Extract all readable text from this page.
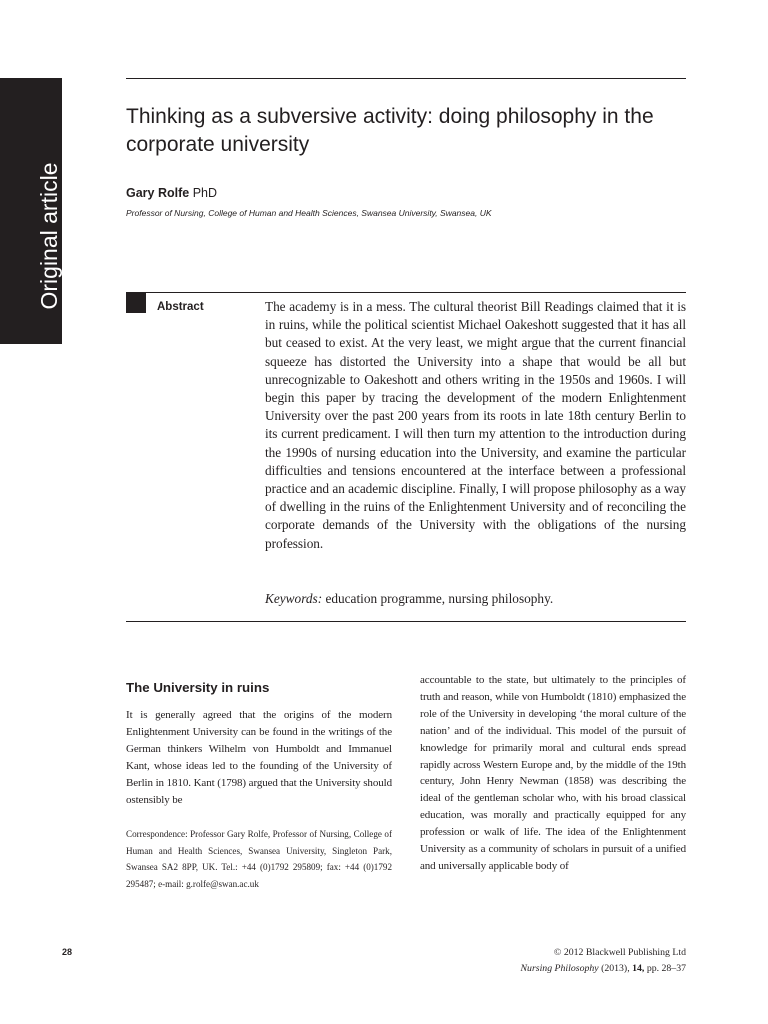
Original article
Thinking as a subversive activity: doing philosophy in the corporate university
Gary Rolfe PhD
Professor of Nursing, College of Human and Health Sciences, Swansea University, Swansea, UK
Abstract	The academy is in a mess. The cultural theorist Bill Readings claimed that it is in ruins, while the political scientist Michael Oakeshott suggested that it has all but ceased to exist. At the very least, we might argue that the current financial squeeze has distorted the University into a shape that would be all but unrecognizable to Oakeshott and others writing in the 1950s and 1960s. I will begin this paper by tracing the development of the modern Enlightenment University over the past 200 years from its roots in late 18th century Berlin to its current predicament. I will then turn my attention to the introduction during the 1990s of nursing education into the University, and examine the particular difficulties and tensions encountered at the interface between a professional practice and an academic discipline. Finally, I will propose philosophy as a way of dwelling in the ruins of the Enlightenment University and of reconciling the corporate demands of the University with the obligations of the nursing profession.

Keywords: education programme, nursing philosophy.

The University in ruins

It is generally agreed that the origins of the modern Enlightenment University can be found in the writings of the German thinkers Wilhelm von Humboldt and Immanuel Kant, whose ideas led to the founding of the University of Berlin in 1810. Kant (1798) argued that the University should ostensibly be

Correspondence: Professor Gary Rolfe, Professor of Nursing, College of Human and Health Sciences, Swansea University, Singleton Park, Swansea SA2 8PP, UK. Tel.: +44 (0)1792 295809; fax: +44 (0)1792 295487; e-mail: g.rolfe@swan.ac.uk

accountable to the state, but ultimately to the principles of truth and reason, while von Humboldt (1810) emphasized the role of the University in developing ‘the moral culture of the nation’ and of the individual. This model of the pursuit of knowledge for primarily moral and cultural ends spread rapidly across Western Europe and, by the middle of the 19th century, John Henry Newman (1858) was describing the ideal of the gentleman scholar who, with his broad classical education, was morally and practically equipped for any profession or walk of life. The idea of the Enlightenment University as a community of scholars in pursuit of a unified and universally applicable body of

28	© 2012 Blackwell Publishing Ltd
Nursing Philosophy (2013), 14, pp. 28–37
